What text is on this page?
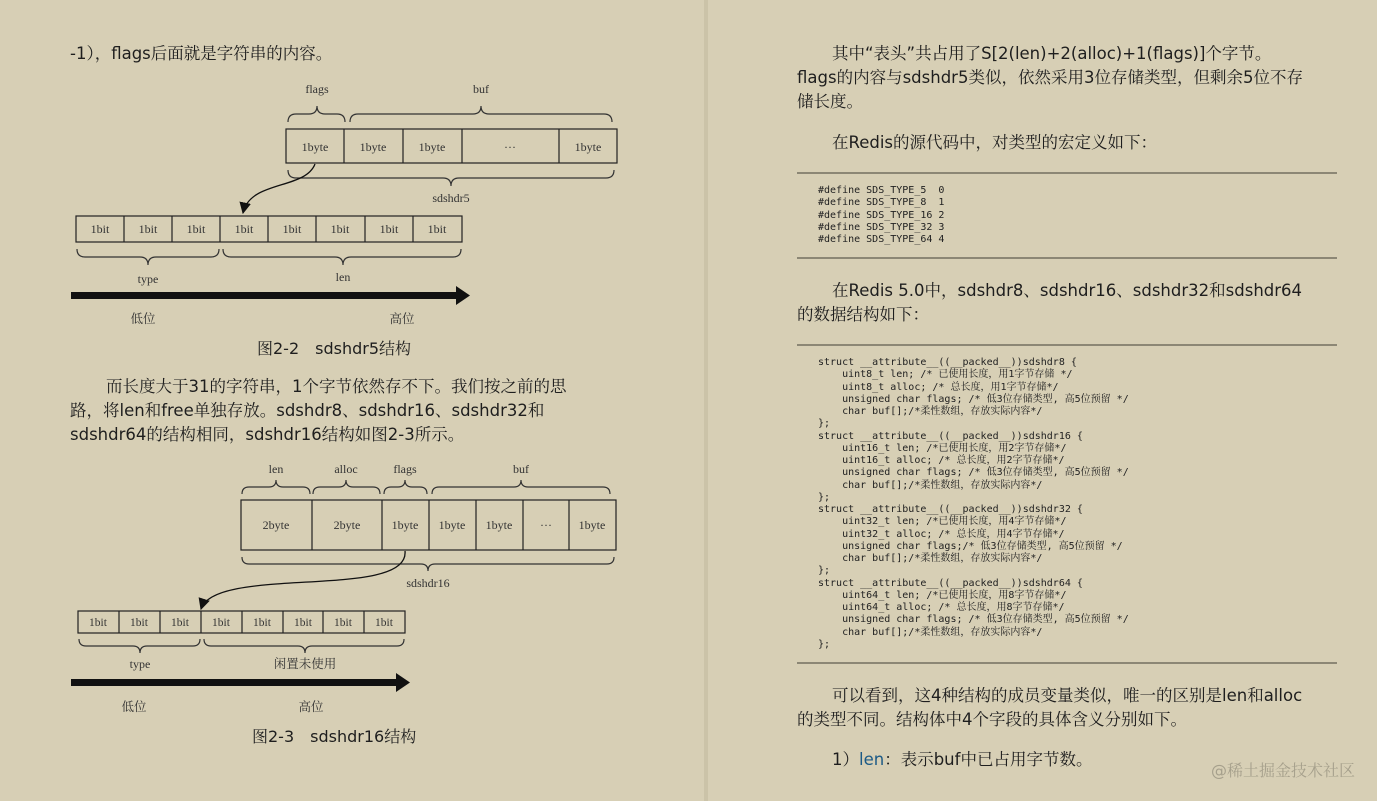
-1），flags后面就是字符串的内容。

flags	buf
1byte	1byte	1byte	···	1byte
sdshdr5
1bit 1bit 1bit 1bit 1bit 1bit	1bit 1bit
type	len
低位	高位
图2-2 sdshdr5结构

而长度大于31的字符串，1个字节依然存不下。我们按之前的思

路，将len和free单独存放。sdshdr8、sdshdr16、sdshdr32和

sdshdr64的结构相同，sdshdr16结构如图2-3所示。

len	alloc	flags	buf
2byte	2byte	1byte 1byte 1byte ··· 1byte
sdshdr16
1bit 1bit 1bit 1bit 1bit 1bit 1bit 1bit
type	闲置未使用
低位	高位
图2-3 sdshdr16结构

其中“表头”共占用了S[2(len)+2(alloc)+1(flags)]个字节。

flags的内容与sdshdr5类似，依然采用3位存储类型，但剩余5位不存

储长度。

在Redis的源代码中，对类型的宏定义如下：

#define SDS_TYPE_5  0
#define SDS_TYPE_8  1
#define SDS_TYPE_16 2
#define SDS_TYPE_32 3
#define SDS_TYPE_64 4

在Redis 5.0中，sdshdr8、sdshdr16、sdshdr32和sdshdr64

的数据结构如下：

struct __attribute__((__packed__))sdshdr8 {
uint8_t len; /* 已使用长度，用1字节存储 */
uint8_t alloc; /* 总长度，用1字节存储*/
unsigned char flags; /* 低3位存储类型, 高5位预留 */
char buf[];/*柔性数组，存放实际内容*/
};
struct __attribute__((__packed__))sdshdr16 {
uint16_t len; /*已使用长度，用2字节存储*/
uint16_t alloc; /* 总长度，用2字节存储*/
unsigned char flags; /* 低3位存储类型, 高5位预留 */
char buf[];/*柔性数组，存放实际内容*/
};
struct __attribute__((__packed__))sdshdr32 {
uint32_t len; /*已使用长度，用4字节存储*/
uint32_t alloc; /* 总长度，用4字节存储*/
unsigned char flags;/* 低3位存储类型, 高5位预留 */
char buf[];/*柔性数组，存放实际内容*/
};
struct __attribute__((__packed__))sdshdr64 {
uint64_t len; /*已使用长度，用8字节存储*/
uint64_t alloc; /* 总长度，用8字节存储*/
unsigned char flags; /* 低3位存储类型, 高5位预留 */
char buf[];/*柔性数组，存放实际内容*/
};

可以看到，这4种结构的成员变量类似，唯一的区别是len和alloc

的类型不同。结构体中4个字段的具体含义分别如下。

1）len：表示buf中已占用字节数。

@稀土掘金技术社区
